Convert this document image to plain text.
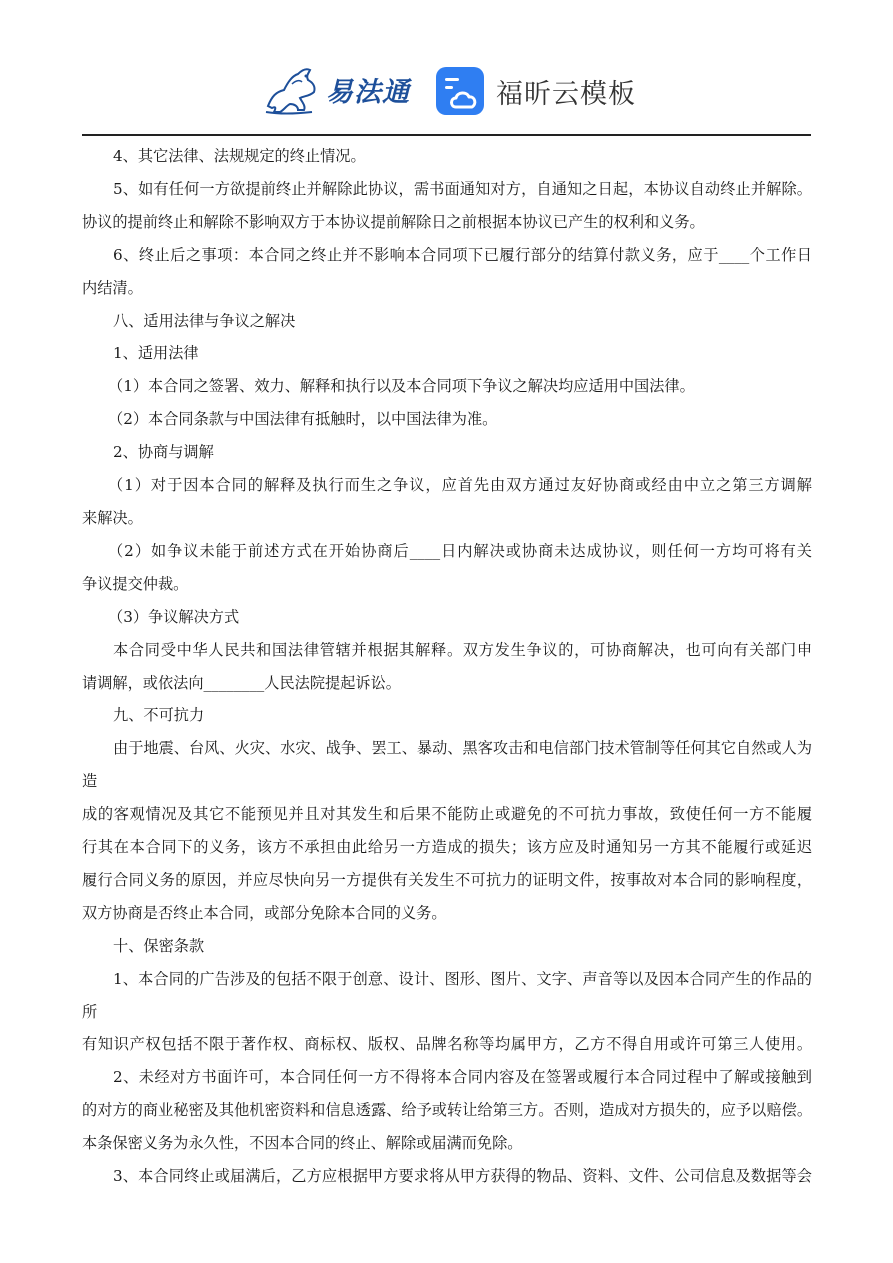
易法通	福昕云模板

4、其它法律、法规规定的终止情况。

5、如有任何一方欲提前终止并解除此协议，需书面通知对方，自通知之日起，本协议自动终止并解除。

协议的提前终止和解除不影响双方于本协议提前解除日之前根据本协议已产生的权利和义务。

6、终止后之事项：本合同之终止并不影响本合同项下已履行部分的结算付款义务，应于____个工作日

内结清。

八、适用法律与争议之解决

1、适用法律

（1）本合同之签署、效力、解释和执行以及本合同项下争议之解决均应适用中国法律。

（2）本合同条款与中国法律有抵触时，以中国法律为准。

2、协商与调解

（1）对于因本合同的解释及执行而生之争议，应首先由双方通过友好协商或经由中立之第三方调解

来解决。

（2）如争议未能于前述方式在开始协商后____日内解决或协商未达成协议，则任何一方均可将有关

争议提交仲裁。

（3）争议解决方式

本合同受中华人民共和国法律管辖并根据其解释。双方发生争议的，可协商解决，也可向有关部门申

请调解，或依法向________人民法院提起诉讼。

九、不可抗力

由于地震、台风、火灾、水灾、战争、罢工、暴动、黑客攻击和电信部门技术管制等任何其它自然或人为造

成的客观情况及其它不能预见并且对其发生和后果不能防止或避免的不可抗力事故，致使任何一方不能履

行其在本合同下的义务，该方不承担由此给另一方造成的损失；该方应及时通知另一方其不能履行或延迟

履行合同义务的原因，并应尽快向另一方提供有关发生不可抗力的证明文件，按事故对本合同的影响程度，

双方协商是否终止本合同，或部分免除本合同的义务。

十、保密条款

1、本合同的广告涉及的包括不限于创意、设计、图形、图片、文字、声音等以及因本合同产生的作品的所

有知识产权包括不限于著作权、商标权、版权、品牌名称等均属甲方，乙方不得自用或许可第三人使用。

2、未经对方书面许可，本合同任何一方不得将本合同内容及在签署或履行本合同过程中了解或接触到

的对方的商业秘密及其他机密资料和信息透露、给予或转让给第三方。否则，造成对方损失的，应予以赔偿。

本条保密义务为永久性，不因本合同的终止、解除或届满而免除。

3、本合同终止或届满后，乙方应根据甲方要求将从甲方获得的物品、资料、文件、公司信息及数据等会
